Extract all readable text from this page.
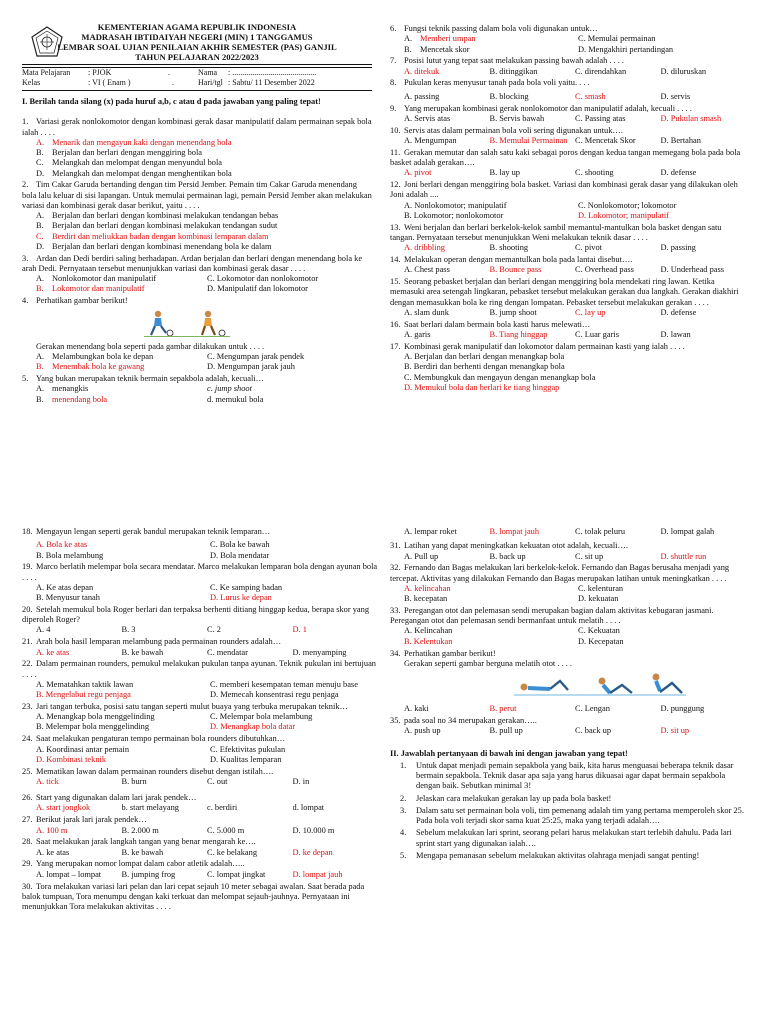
KEMENTERIAN AGAMA REPUBLIK INDONESIA
MADRASAH IBTIDAIYAH NEGERI (MIN) 1 TANGGAMUS
LEMBAR SOAL UJIAN PENILAIAN AKHIR SEMESTER (PAS) GANJIL
TAHUN PELAJARAN 2022/2023
Mata Pelajaran : PJOK	.	Nama : ..........................................
Kelas	: VI ( Enam )	.	Hari/tgl : Sabtu/ 11 Desember 2022
I. Berilah tanda silang (x) pada huruf a,b, c atau d pada jawaban yang paling tepat!
1. Variasi gerak nonlokomotor dengan kombinasi gerak dasar manipulatif dalam permainan sepak bola ialah . . . .
A. Menarik dan mengayun kaki dengan menendang bola
B. Berjalan dan berlari dengan menggiring bola
C. Melangkah dan melompat dengan menyundul bola
D. Melangkah dan melompat dengan menghentikan bola
2. Tim Cakar Garuda bertanding dengan tim Persid Jember. Pemain tim Cakar Garuda menendang bola lalu keluar di sisi lapangan. Untuk memulai permainan lagi, pemain Persid Jember akan melakukan variasi dan kombinasi gerak dasar berikut, yaitu . . . .
A. Berjalan dan berlari dengan kombinasi melakukan tendangan bebas
B. Berjalan dan berlari dengan kombinasi melakukan tendangan sudut
C. Berdiri dan meliukkan badan dengan kombinasi lemparan dalam
D. Berjalan dan berlari dengan kombinasi menendang bola ke dalam
3. Ardan dan Dedi berdiri saling berhadapan. Ardan berjalan dan berlari dengan menendang bola ke arah Dedi. Pernyataan tersebut menunjukkan variasi dan kombinasi gerak dasar . . . .
A. Nonlokomotor dan manipulatif	C. Lokomotor dan nonlokomotor
B. Lokomotor dan manipulatif	D. Manipulatif dan lokomotor
4. Perhatikan gambar berikut!
Gerakan menendang bola seperti pada gambar dilakukan untuk . . . .
A. Melambungkan bola ke depan	C. Mengumpan jarak pendek
B. Menembak bola ke gawang	D. Mengumpan jarak jauh
5. Yang bukan merupakan teknik bermain sepakbola adalah, kecuali…
A. menangkis	c. jump shoot
B. menendang bola	d. memukul bola
6. Fungsi teknik passing dalam bola voli digunakan untuk…
A. Memberi umpan	C. Memulai permainan
B. Mencetak skor	D. Mengakhiri pertandingan
7. Posisi lutut yang tepat saat melakukan passing bawah adalah . . . .
A. ditekuk	B. ditinggikan	C. direndahkan	D. diluruskan
8. Pukulan keras menyusur tanah pada bola voli yaitu. . . .
A. passing	B. blocking	C. smash	D. servis
9. Yang merupakan kombinasi gerak nonlokomotor dan manipulatif adalah, kecuali . . . .
A. Servis atas	B. Servis bawah	C. Passing atas	D. Pukulan smash
10. Servis atas dalam permainan bola voli sering digunakan untuk….
A. Mengumpan	B. Memulai Permainan C. Mencetak Skor	D. Bertahan
11. Gerakan memutar dan salah satu kaki sebagai poros dengan kedua tangan memegang bola pada bola basket adalah gerakan….
A. pivot	B. lay up	C. shooting	D. defense
12. Joni berlari dengan menggiring bola basket. Variasi dan kombinasi gerak dasar yang dilakukan oleh Joni adalah ....
A. Nonlokomotor; manipulatif	C. Nonlokomotor; lokomotor
B. Lokomotor; nonlokomotor	D. Lokomotor; manipulatif
13. Weni berjalan dan berlari berkelok-kelok sambil memantul-mantulkan bola basket dengan satu tangan. Pernyataan tersebut menunjukkan Weni melakukan teknik dasar . . . .
A. dribbling	B. shooting	C. pivot	D. passing
14. Melakukan operan dengan memantulkan bola pada lantai disebut….
A. Chest pass	B. Bounce pass	C. Overhead pass	D. Underhead pass
15. Seorang pebasket berjalan dan berlari dengan menggiring bola mendekati ring lawan. Ketika memasuki area setengah lingkaran, pebasket tersebut melakukan gerakan dua langkah. Gerakan diakhiri dengan memasukkan bola ke ring dengan lompatan. Pebasket tersebut melakukan gerakan . . . .
A. slam dunk	B. jump shoot	C. lay up	D. defense
16. Saat berlari dalam bermain bola kasti harus melewati…
A. garis	B. Tiang hinggap	C. Luar garis	D. lawan
17. Kombinasi gerak manipulatif dan lokomotor dalam permainan kasti yang ialah . . . .
A. Berjalan dan berlari dengan menangkap bola
B. Berdiri dan berhenti dengan menangkap bola
C. Membungkuk dan mengayun dengan menangkap bola
D. Memukul bola dan berlari ke tiang hinggap
18. Mengayun lengan seperti gerak bandul merupakan teknik lemparan…
A. Bola ke atas	C. Bola ke bawah
B. Bola melambung	D. Bola mendatar
19. Marco berlatih melempar bola secara mendatar. Marco melakukan lemparan bola dengan ayunan bola . . . .
A. Ke atas depan	C. Ke samping badan
B. Menyusur tanah	D. Lurus ke depan
20. Setelah memukul bola Roger berlari dan terpaksa berhenti ditiang hinggap kedua, berapa skor yang diperoleh Roger?
A. 4	B. 3	C. 2	D. 1
21. Arah bola hasil lemparan melambung pada permainan rounders adalah…
A. ke atas	B. ke bawah	C. mendatar	D. menyamping
22. Dalam permainan rounders, pemukul melakukan pukulan tanpa ayunan. Teknik pukulan ini bertujuan . . . .
A. Mematahkan taktik lawan	C. memberi kesempatan teman menuju base
B. Mengelabui regu penjaga	D. Memecah konsentrasi regu penjaga
23. Jari tangan terbuka, posisi satu tangan seperti mulut buaya yang terbuka merupakan teknik…
A. Menangkap bola menggelinding	C. Melempar bola melambung
B. Melempar bola menggelinding	D. Menangkap bola datar
24. Saat melakukan pengaturan tempo permainan bola rounders dibutuhkan…
A. Koordinasi antar pemain	C. Efektivitas pukulan
D. Kombinasi teknik	D. Kualitas lemparan
25. Mematikan lawan dalam permainan rounders disebut dengan istilah….
A. tick	B. burn	C. out	D. in
26. Start yang digunakan dalam lari jarak pendek…
A. start jongkok	b. start melayang	c. berdiri	d. lompat
27. Berikut jarak lari jarak pendek…
A. 100 m	B. 2.000 m	C. 5.000 m	D. 10.000 m
28. Saat melakukan jarak langkah tangan yang benar mengarah ke….
A. ke atas	B. ke bawah	C. ke belakang	D. ke depan
29. Yang merupakan nomor lompat dalam cabor atletik adalah…..
A. lompat – lompat	B. jumping frog	C. lompat jingkat	D. lompat jauh
30. Tora melakukan variasi lari pelan dan lari cepat sejauh 10 meter sebagai awalan. Saat berada pada balok tumpuan, Tora menumpu dengan kaki terkuat dan melompat sejauh-jauhnya. Pernyataan ini menunjukkan Tora melakukan aktivitas . . . .
A. lempar roket	B. lompat jauh	C. tolak peluru	D. lompat galah
31. Latihan yang dapat meningkatkan kekuatan otot adalah, kecuali….
A. Pull up	B. back up	C. sit up	D. shuttle run
32. Fernando dan Bagas melakukan lari berkelok-kelok. Fernando dan Bagas berusaha menjadi yang tercepat. Aktivitas yang dilakukan Fernando dan Bagas merupakan latihan untuk meningkatkan . . . .
A. kelincahan	C. kelenturan
B. kecepatan	D. kekuatan
33. Peregangan otot dan pelemasan sendi merupakan bagian dalam aktivitas kebugaran jasmani. Peregangan otot dan pelemasan sendi bermanfaat untuk melatih . . . .
A. Kelincahan	C. Kekuatan
B. Kelentukan	D. Kecepatan
34. Perhatikan gambar berikut!
Gerakan seperti gambar berguna melatih otot . . . .
A. kaki	B. perut	C. Lengan	D. punggung
35. pada soal no 34 merupakan gerakan…..
A. push up	B. pull up	C. back up	D. sit up
II. Jawablah pertanyaan di bawah ini dengan jawaban yang tepat!
1.	Untuk dapat menjadi pemain sepakbola yang baik, kita harus menguasai beberapa teknik dasar bermain sepakbola. Teknik dasar apa saja yang harus dikuasai agar dapat bermain sepakbola dengan baik. Sebutkan minimal 3!
2.	Jelaskan cara melakukan gerakan lay up pada bola basket!
3.	Dalam satu set permainan bola voli, tim pemenang adalah tim yang pertama memperoleh skor 25. Pada bola voli terjadi skor sama kuat 25:25, maka yang terjadi adalah….
4.	Sebelum melakukan lari sprint, seorang pelari harus melakukan start terlebih dahulu. Pada lari sprint start yang digunakan ialah….
5.	Mengapa pemanasan sebelum melakukan aktivitas olahraga menjadi sangat penting!
